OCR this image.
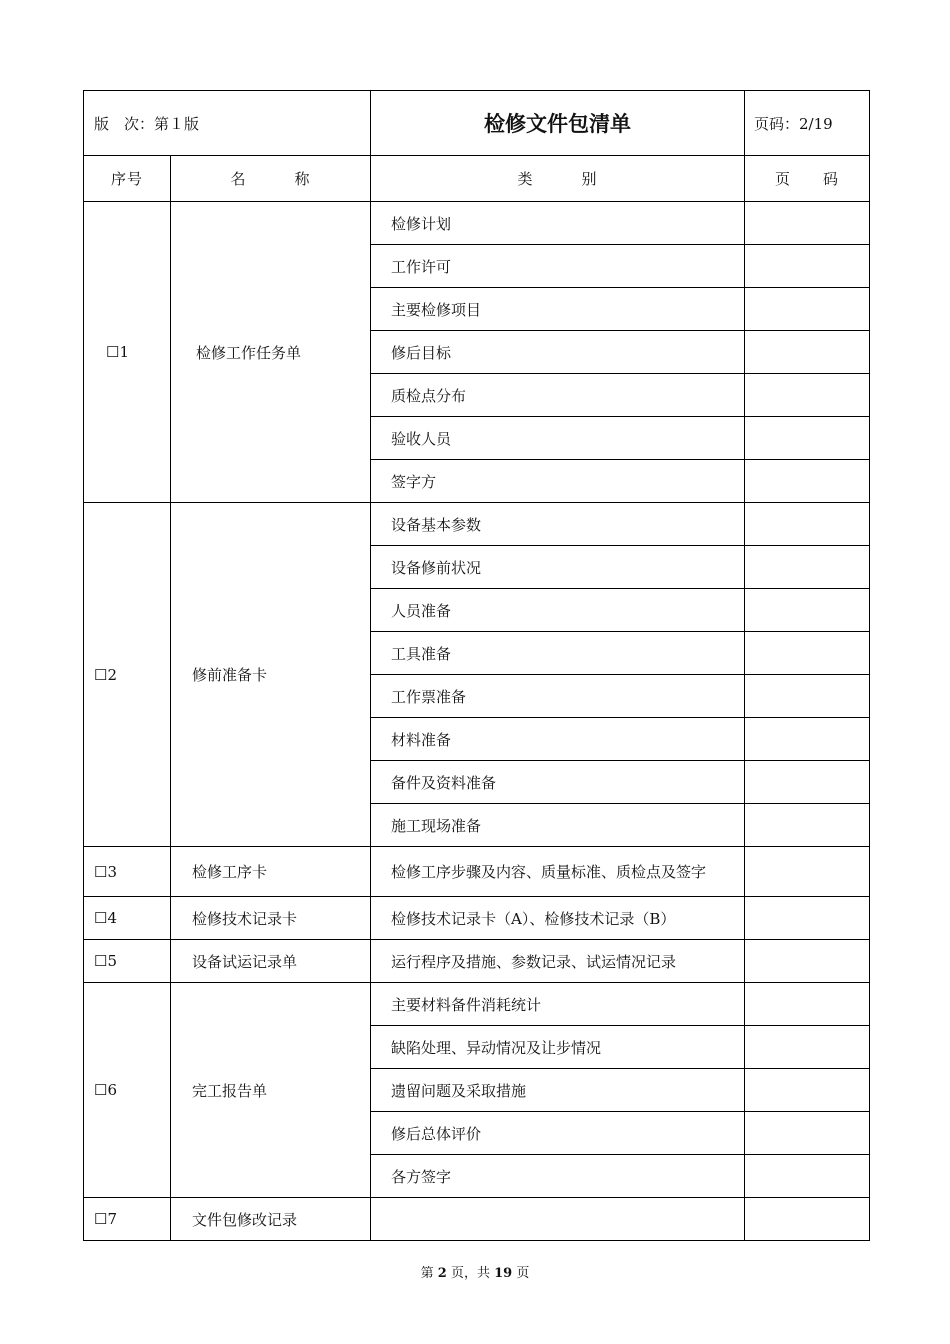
版　次：第１版		检修文件包清单	页码：2/19
序号	名　　　称	类　　　别	页　　码
☐1	检修工作任务单	检修计划	
		工作许可	
		主要检修项目	
		修后目标	
		质检点分布	
		验收人员	
		签字方	
☐2	修前准备卡	设备基本参数	
		设备修前状况	
		人员准备	
		工具准备	
		工作票准备	
		材料准备	
		备件及资料准备	
		施工现场准备	
☐3	检修工序卡	检修工序步骤及内容、质量标准、质检点及签字	
☐4	检修技术记录卡	检修技术记录卡（A）、检修技术记录（B）	
☐5	设备试运记录单	运行程序及措施、参数记录、试运情况记录	
☐6	完工报告单	主要材料备件消耗统计	
		缺陷处理、异动情况及让步情况	
		遗留问题及采取措施	
		修后总体评价	
		各方签字	
☐7	文件包修改记录		
第 2 页，共 19 页
